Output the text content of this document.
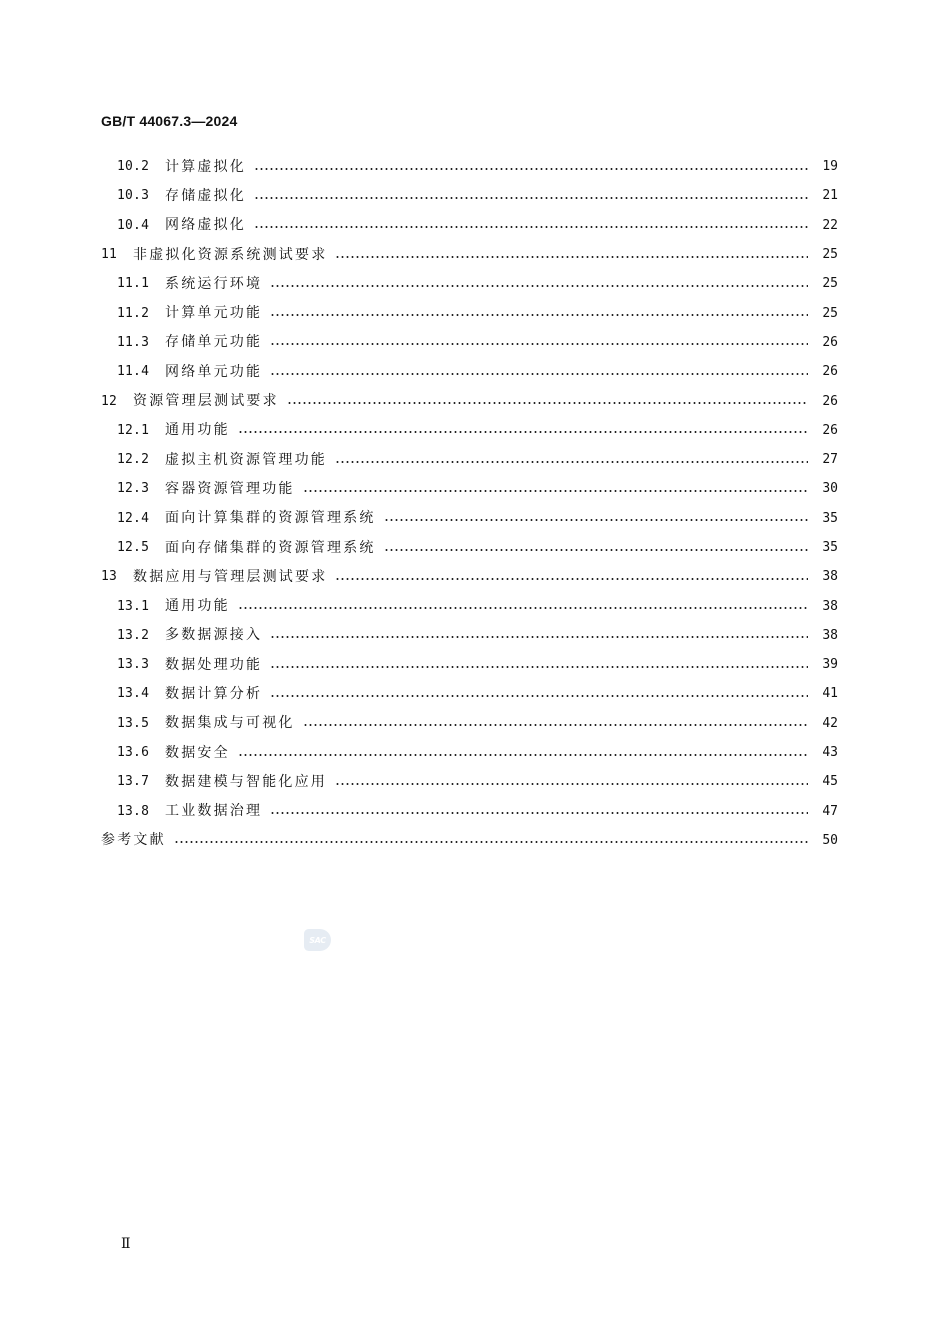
GB/T 44067.3—2024
10.2	计算虚拟化	19
10.3	存储虚拟化	21
10.4	网络虚拟化	22
11	非虚拟化资源系统测试要求	25
11.1	系统运行环境	25
11.2	计算单元功能	25
11.3	存储单元功能	26
11.4	网络单元功能	26
12	资源管理层测试要求	26
12.1	通用功能	26
12.2	虚拟主机资源管理功能	27
12.3	容器资源管理功能	30
12.4	面向计算集群的资源管理系统	35
12.5	面向存储集群的资源管理系统	35
13	数据应用与管理层测试要求	38
13.1	通用功能	38
13.2	多数据源接入	38
13.3	数据处理功能	39
13.4	数据计算分析	41
13.5	数据集成与可视化	42
13.6	数据安全	43
13.7	数据建模与智能化应用	45
13.8	工业数据治理	47
参考文献	50
SAC
Ⅱ
